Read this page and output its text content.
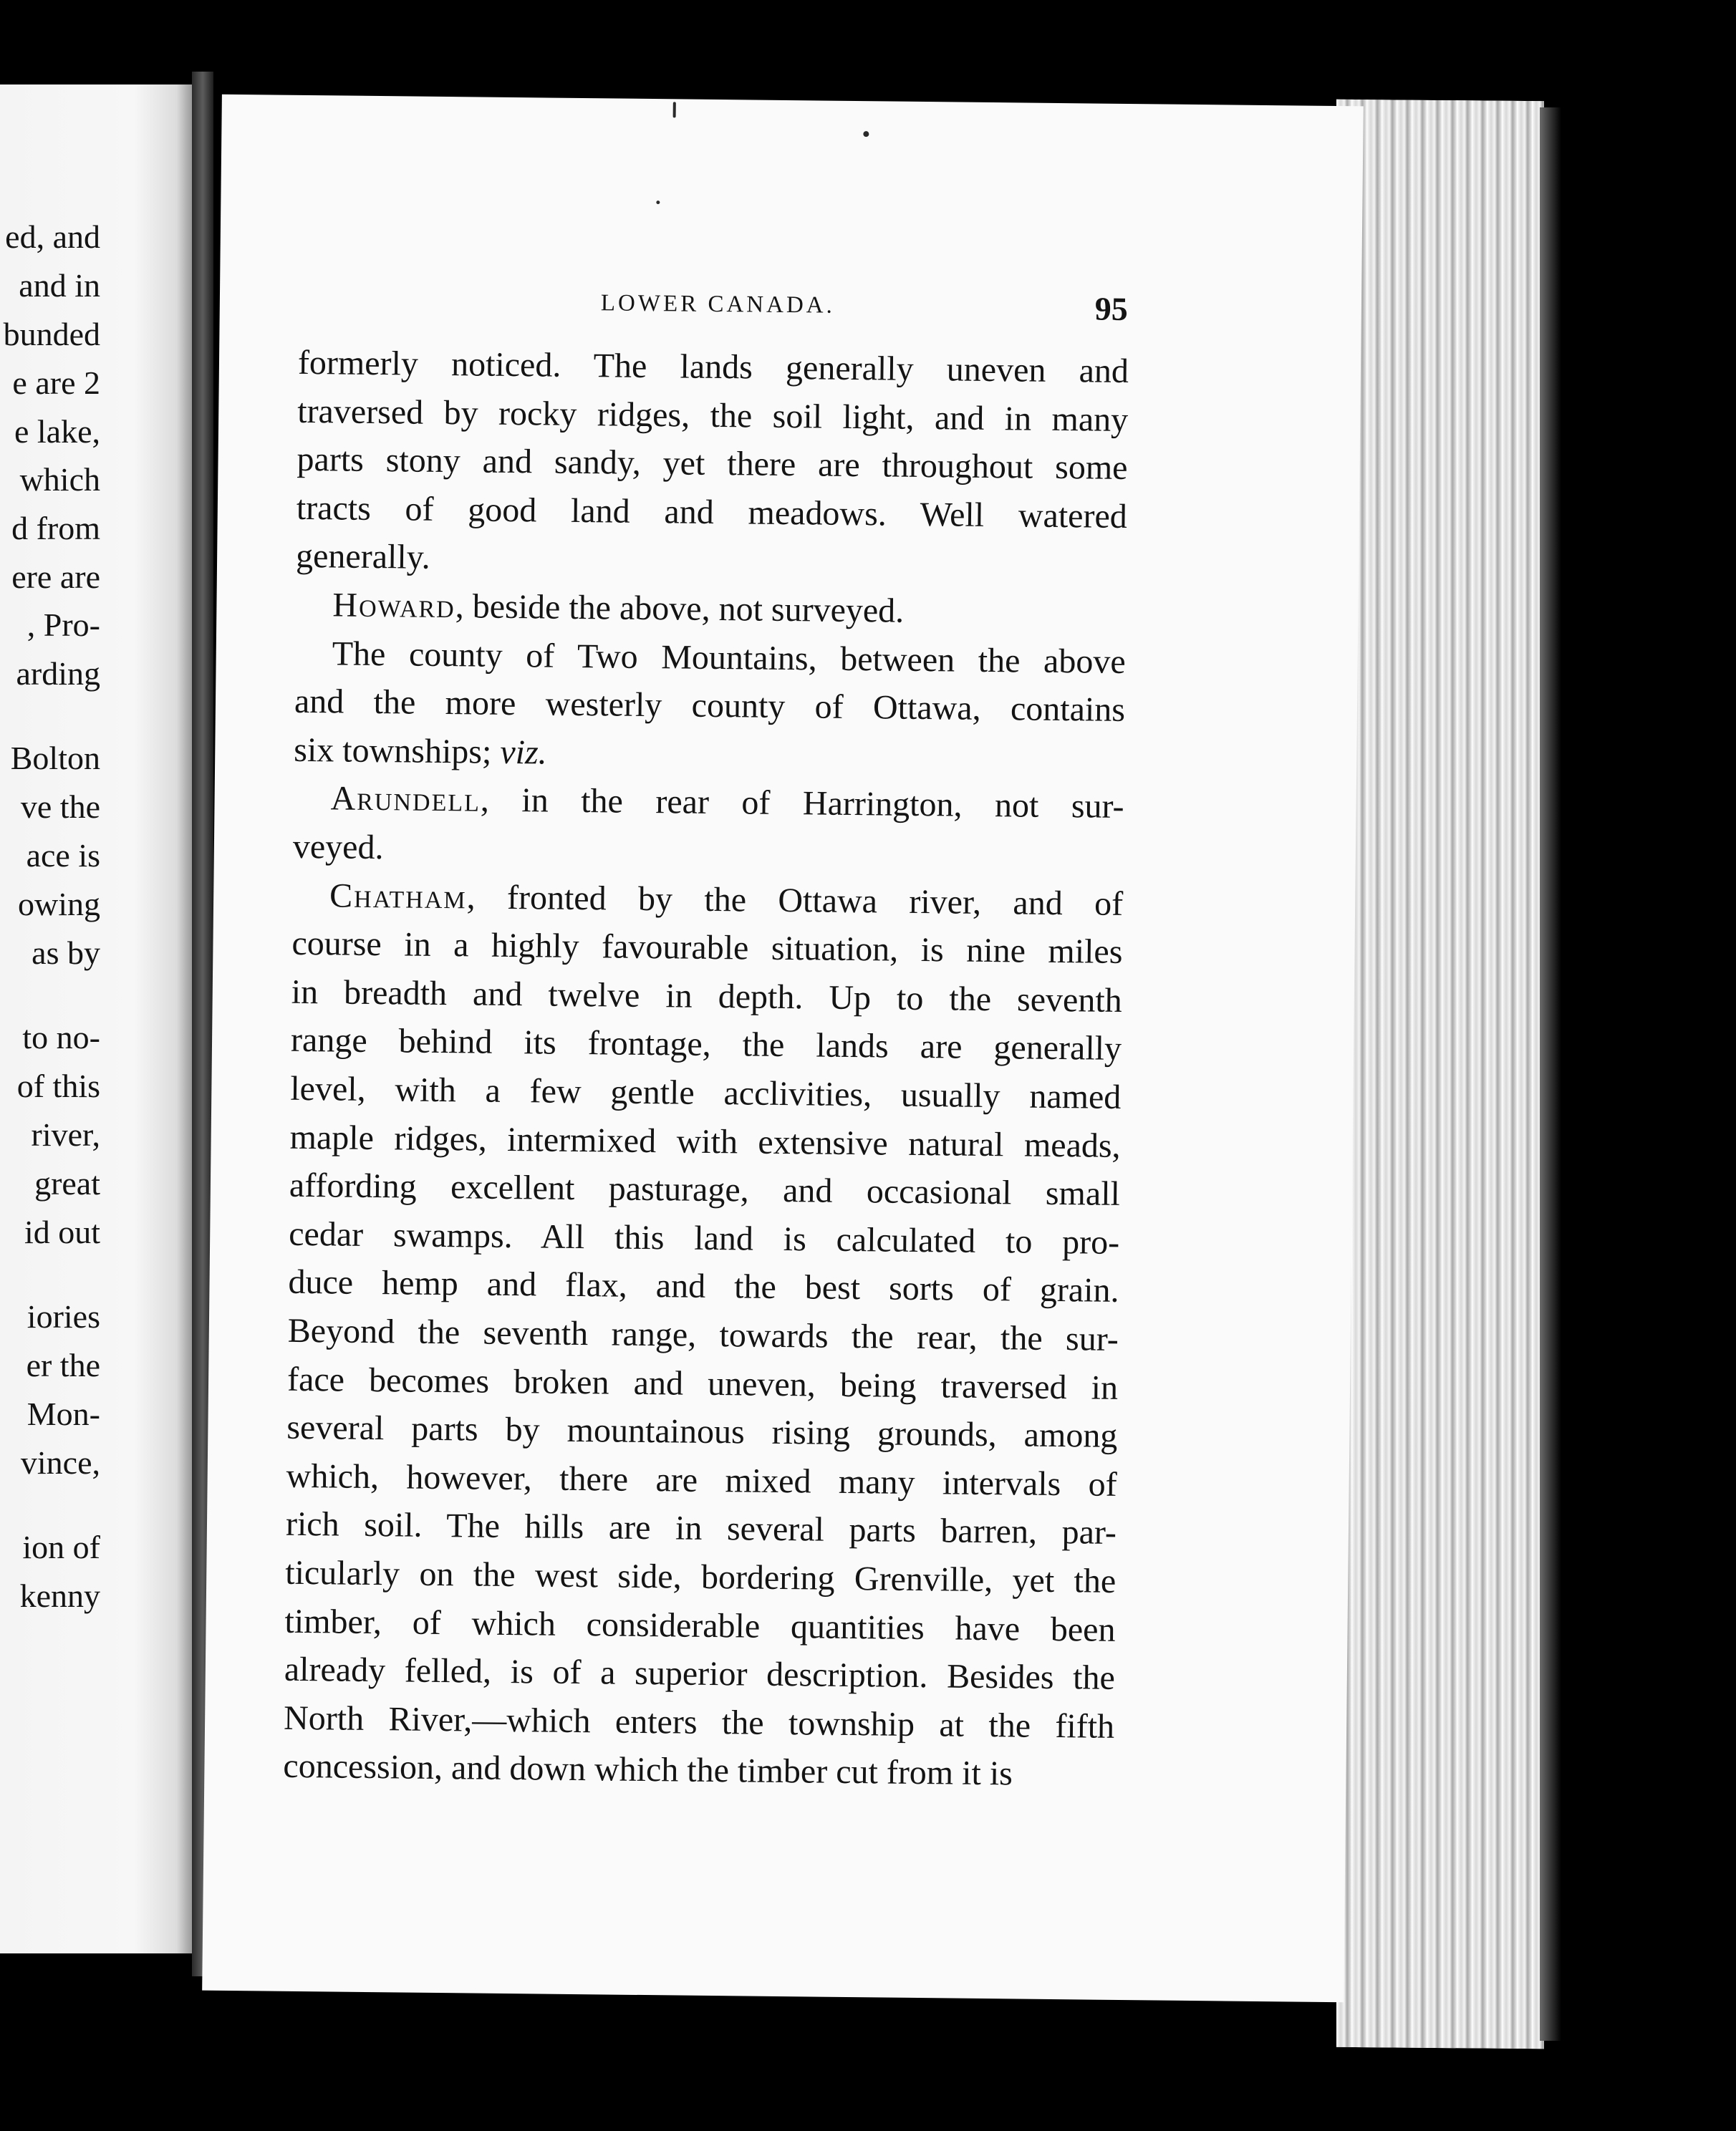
ed, and
and in
bunded
e are 2
e lake,
which
d from
ere are
, Pro-
arding
Bolton
ve the
ace is
owing
as by
to no-
of this
river,
great
id out
iories
er the
Mon-
vince,
ion of
kenny
LOWER CANADA.	95
formerly noticed. The lands generally uneven and
traversed by rocky ridges, the soil light, and in many
parts stony and sandy, yet there are throughout some
tracts of good land and meadows. Well watered
generally.
Howard, beside the above, not surveyed.
The county of Two Mountains, between the above
and the more westerly county of Ottawa, contains
six townships; viz.
Arundell, in the rear of Harrington, not sur-
veyed.
Chatham, fronted by the Ottawa river, and of
course in a highly favourable situation, is nine miles
in breadth and twelve in depth. Up to the seventh
range behind its frontage, the lands are generally
level, with a few gentle acclivities, usually named
maple ridges, intermixed with extensive natural meads,
affording excellent pasturage, and occasional small
cedar swamps. All this land is calculated to pro-
duce hemp and flax, and the best sorts of grain.
Beyond the seventh range, towards the rear, the sur-
face becomes broken and uneven, being traversed in
several parts by mountainous rising grounds, among
which, however, there are mixed many intervals of
rich soil. The hills are in several parts barren, par-
ticularly on the west side, bordering Grenville, yet the
timber, of which considerable quantities have been
already felled, is of a superior description. Besides the
North River,—which enters the township at the fifth
concession, and down which the timber cut from it is
